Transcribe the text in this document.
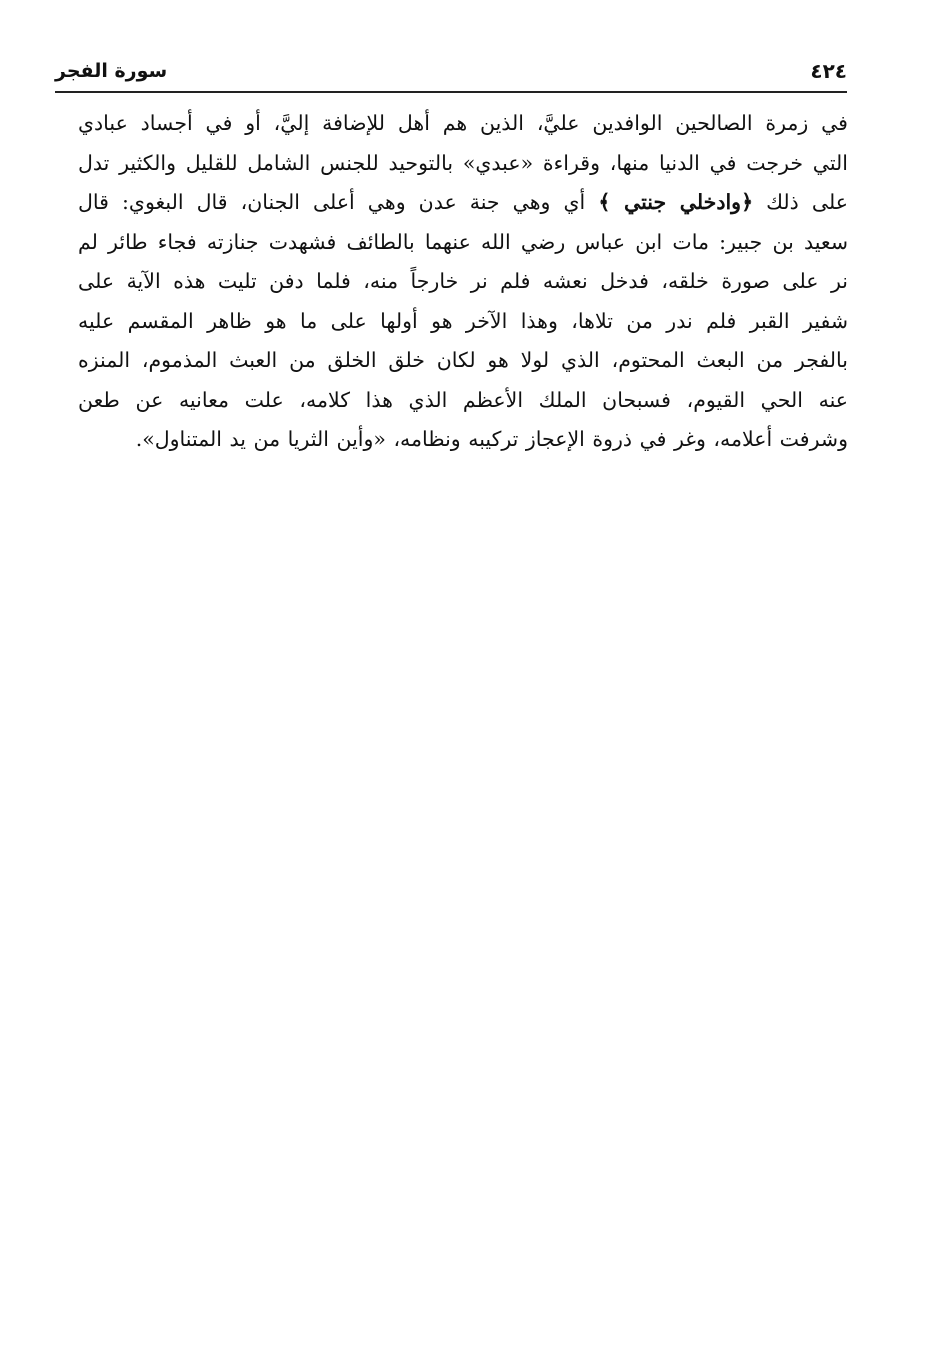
٤٢٤
سورة الفجر
في زمرة الصالحين الوافدين عليَّ، الذين هم أهل للإضافة إليَّ، أو في أجساد عبادي
التي خرجت في الدنيا منها، وقراءة «عبدي» بالتوحيد للجنس الشامل للقليل والكثير تدل
على ذلك ﴿وادخلي جنتي ﴾ أي وهي جنة عدن وهي أعلى الجنان، قال البغوي: قال
سعيد بن جبير: مات ابن عباس رضي الله عنهما بالطائف فشهدت جنازته فجاء طائر لم
نر على صورة خلقه، فدخل نعشه فلم نر خارجاً منه، فلما دفن تليت هذه الآية على
شفير القبر فلم ندر من تلاها، وهذا الآخر هو أولها على ما هو ظاهر المقسم عليه
بالفجر من البعث المحتوم، الذي لولا هو لكان خلق الخلق من العبث المذموم، المنزه
عنه الحي القيوم، فسبحان الملك الأعظم الذي هذا كلامه، علت معانيه عن طعن
وشرفت أعلامه، وغر في ذروة الإعجاز تركيبه ونظامه، «وأين الثريا من يد المتناول».
